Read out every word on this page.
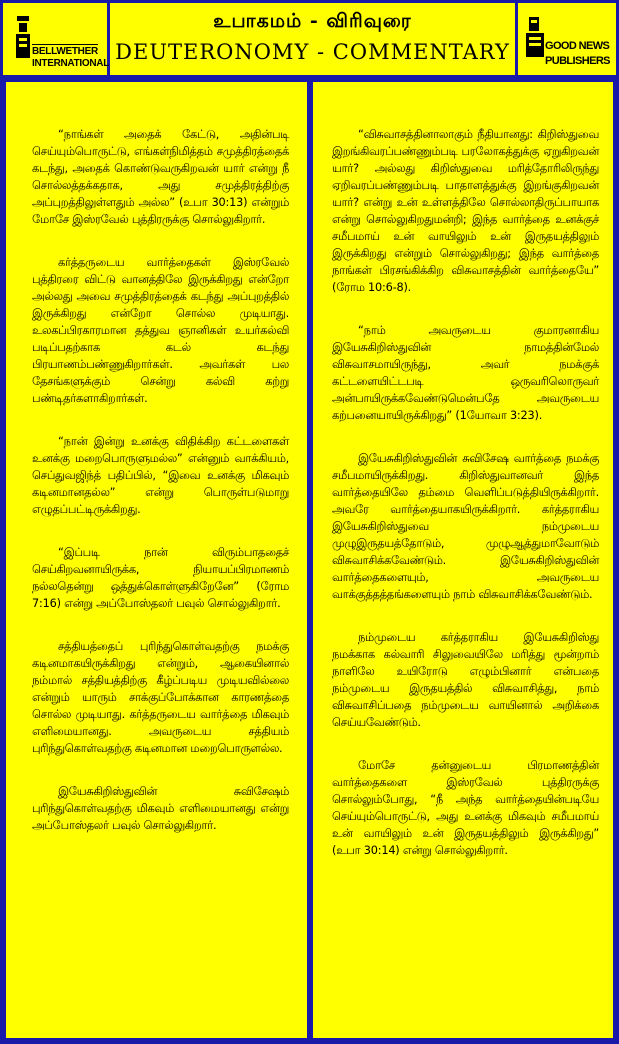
BELLWETHER
INTERNATIONAL
உபாகமம் - விரிவுரை
DEUTERONOMY - COMMENTARY	GOOD NEWS
PUBLISHERS

“நாங்கள் அதைக் கேட்டு, அதின்படி செய்யும்பொருட்டு, எங்கள்நிமித்தம் சமுத்திரத்தைக் கடந்து, அதைக் கொண்டுவருகிறவன் யார் என்று நீ சொல்லத்தக்கதாக, அது சமுத்திரத்திற்கு அப்புறத்திலுள்ளதும் அல்ல” (உபா 30:13) என்றும் மோசே இஸ்ரவேல் புத்திரருக்கு சொல்லுகிறார்.

கர்த்தருடைய வார்த்தைகள் இஸ்ரவேல் புத்திரரை விட்டு வானத்திலே இருக்கிறது என்றோ அல்லது அவை சமுத்திரத்தைக் கடந்து அப்புறத்தில் இருக்கிறது என்றோ சொல்ல முடியாது. உலகப்பிரகாரமான தத்துவ ஞானிகள் உயர்கல்வி படிப்பதற்காக கடல் கடந்து பிரயாணம்பண்ணுகிறார்கள். அவர்கள் பல தேசங்களுக்கும் சென்று கல்வி கற்று பண்டிதர்களாகிறார்கள்.

“நான் இன்று உனக்கு விதிக்கிற கட்டளைகள் உனக்கு மறைபொருளுமல்ல” என்னும் வாக்கியம், செப்துவஜிந்த் பதிப்பில், “இவை உனக்கு மிகவும் கடினமானதல்ல” என்று பொருள்படுமாறு எழுதப்பட்டிருக்கிறது.

“இப்படி நான் விரும்பாததைச் செய்கிறவனாயிருக்க, நியாயப்பிரமாணம் நல்லதென்று ஒத்துக்கொள்ளுகிறேனே” (ரோம 7:16) என்று அப்போஸ்தலர் பவுல் சொல்லுகிறார்.

சத்தியத்தைப் புரிந்துகொள்வதற்கு நமக்கு கடினமாகயிருக்கிறது என்றும், ஆகையினால் நம்மால் சத்தியத்திற்கு கீழ்ப்படிய முடியவில்லை என்றும் யாரும் சாக்குப்போக்கான காரணத்தை சொல்ல முடியாது. கர்த்தருடைய வார்த்தை மிகவும் எளிமையானது. அவருடைய சத்தியம் புரிந்துகொள்வதற்கு கடினமான மறைபொருளல்ல.

இயேசுகிறிஸ்துவின் சுவிசேஷம் புரிந்துகொள்வதற்கு மிகவும் எளிமையானது என்று அப்போஸ்தலர் பவுல் சொல்லுகிறார்.

“விசுவாசத்தினாலாகும் நீதியானது: கிறிஸ்துவை இறங்கிவரப்பண்ணும்படி பரலோகத்துக்கு ஏறுகிறவன் யார்? அல்லது கிறிஸ்துவை மரித்தோரிலிருந்து ஏறிவரப்பண்ணும்படி பாதாளத்துக்கு இறங்குகிறவன் யார்? என்று உன் உள்ளத்திலே சொல்லாதிருப்பாயாக என்று சொல்லுகிறதுமன்றி; இந்த வார்த்தை உனக்குச் சமீபமாய் உன் வாயிலும் உன் இருதயத்திலும் இருக்கிறது என்றும் சொல்லுகிறது; இந்த வார்த்தை நாங்கள் பிரசங்கிக்கிற விசுவாசத்தின் வார்த்தையே” (ரோம 10:6-8).

“நாம் அவருடைய குமாரனாகிய இயேசுகிறிஸ்துவின் நாமத்தின்மேல் விசுவாசமாயிருந்து, அவர் நமக்குக் கட்டளையிட்டபடி ஒருவரிலொருவர் அன்பாயிருக்கவேண்டுமென்பதே அவருடைய கற்பனையாயிருக்கிறது” (1யோவா 3:23).

இயேசுகிறிஸ்துவின் சுவிசேஷ வார்த்தை நமக்கு சமீபமாயிருக்கிறது. கிறிஸ்துவானவர் இந்த வார்த்தையிலே தம்மை வெளிப்படுத்தியிருக்கிறார். அவரே வார்த்தையாகயிருக்கிறார். கர்த்தராகிய இயேசுகிறிஸ்துவை நம்முடைய முழுஇருதயத்தோடும், முழுஆத்துமாவோடும் விசுவாசிக்கவேண்டும். இயேசுகிறிஸ்துவின் வார்த்தைகளையும், அவருடைய வாக்குத்தத்தங்களையும் நாம் விசுவாசிக்கவேண்டும்.

நம்முடைய கர்த்தராகிய இயேசுகிறிஸ்து நமக்காக கல்வாரி சிலுவையிலே மரித்து மூன்றாம் நாளிலே உயிரோடு எழும்பினார் என்பதை நம்முடைய இருதயத்தில் விசுவாசித்து, நாம் விசுவாசிப்பதை நம்முடைய வாயினால் அறிக்கை செய்யவேண்டும்.

மோசே தன்னுடைய பிரமாணத்தின் வார்த்தைகளை இஸ்ரவேல் புத்திரருக்கு சொல்லும்போது, “நீ அந்த வார்த்தையின்படியே செய்யும்பொருட்டு, அது உனக்கு மிகவும் சமீபமாய் உன் வாயிலும் உன் இருதயத்திலும் இருக்கிறது” (உபா 30:14) என்று சொல்லுகிறார்.
